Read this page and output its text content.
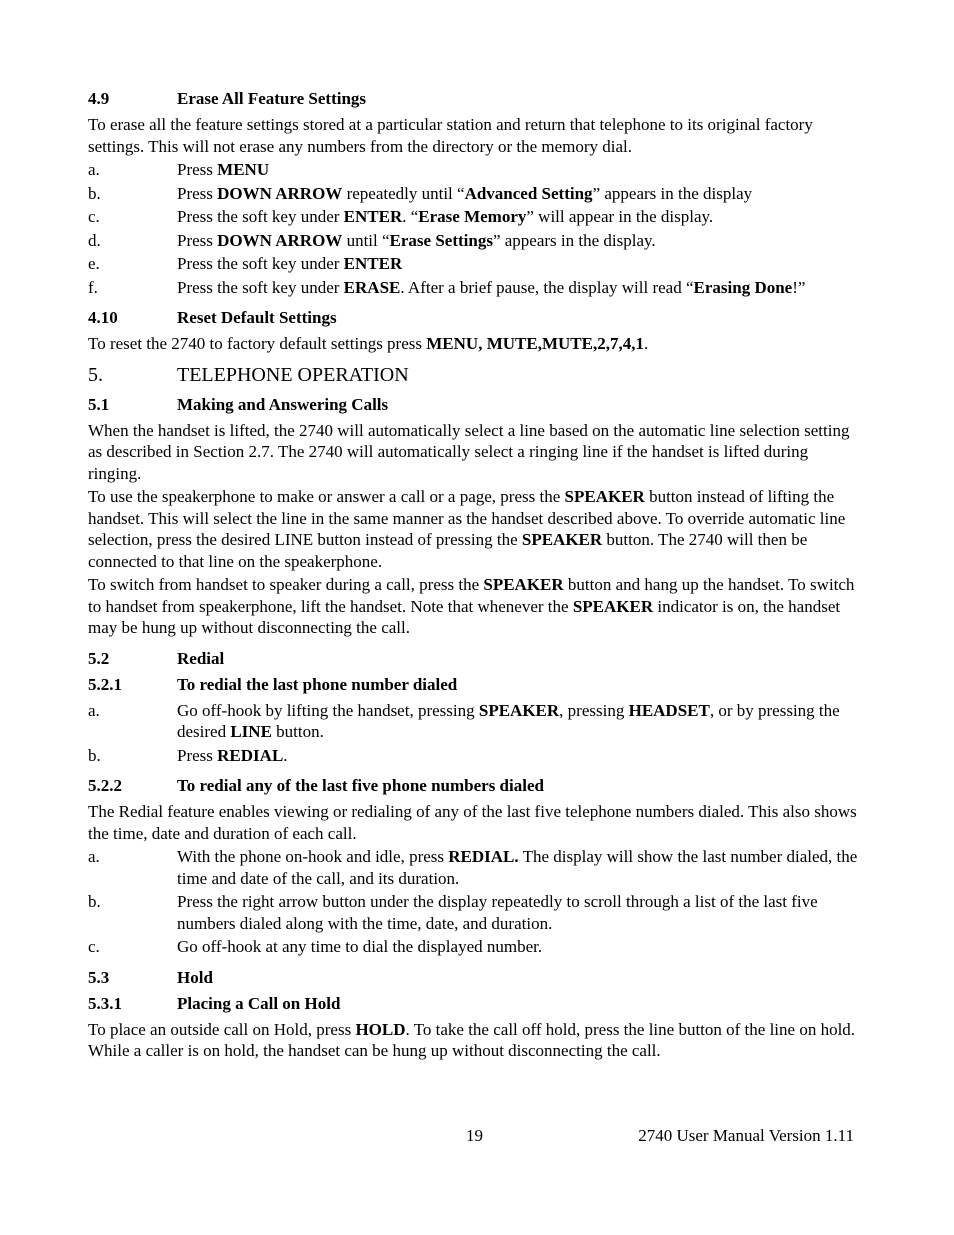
4.9	Erase All Feature Settings

To erase all the feature settings stored at a particular station and return that telephone to its original factory settings. This will not erase any numbers from the directory or the memory dial.

a.	Press MENU
b.	Press DOWN ARROW repeatedly until “Advanced Setting” appears in the display
c.	Press the soft key under ENTER. “Erase Memory” will appear in the display.
d.	Press DOWN ARROW until “Erase Settings” appears in the display.
e.	Press the soft key under ENTER
f.	Press the soft key under ERASE. After a brief pause, the display will read “Erasing Done!”
4.10	Reset Default Settings

To reset the 2740 to factory default settings press MENU, MUTE,MUTE,2,7,4,1.

5.	TELEPHONE OPERATION
5.1	Making and Answering Calls

When the handset is lifted, the 2740 will automatically select a line based on the automatic line selection setting as described in Section 2.7. The 2740 will automatically select a ringing line if the handset is lifted during ringing.

To use the speakerphone to make or answer a call or a page, press the SPEAKER button instead of lifting the handset. This will select the line in the same manner as the handset described above. To override automatic line selection, press the desired LINE button instead of pressing the SPEAKER button. The 2740 will then be connected to that line on the speakerphone.

To switch from handset to speaker during a call, press the SPEAKER button and hang up the handset. To switch to handset from speakerphone, lift the handset. Note that whenever the SPEAKER indicator is on, the handset may be hung up without disconnecting the call.

5.2	Redial
5.2.1	To redial the last phone number dialed
a.	Go off-hook by lifting the handset, pressing SPEAKER, pressing HEADSET, or by pressing the desired LINE button.
b.	Press REDIAL.
5.2.2	To redial any of the last five phone numbers dialed

The Redial feature enables viewing or redialing of any of the last five telephone numbers dialed. This also shows the time, date and duration of each call.

a.	With the phone on-hook and idle, press REDIAL. The display will show the last number dialed, the time and date of the call, and its duration.
b.	Press the right arrow button under the display repeatedly to scroll through a list of the last five numbers dialed along with the time, date, and duration.
c.	Go off-hook at any time to dial the displayed number.
5.3	Hold
5.3.1	Placing a Call on Hold

To place an outside call on Hold, press HOLD. To take the call off hold, press the line button of the line on hold. While a caller is on hold, the handset can be hung up without disconnecting the call.

19	2740 User Manual Version 1.11
